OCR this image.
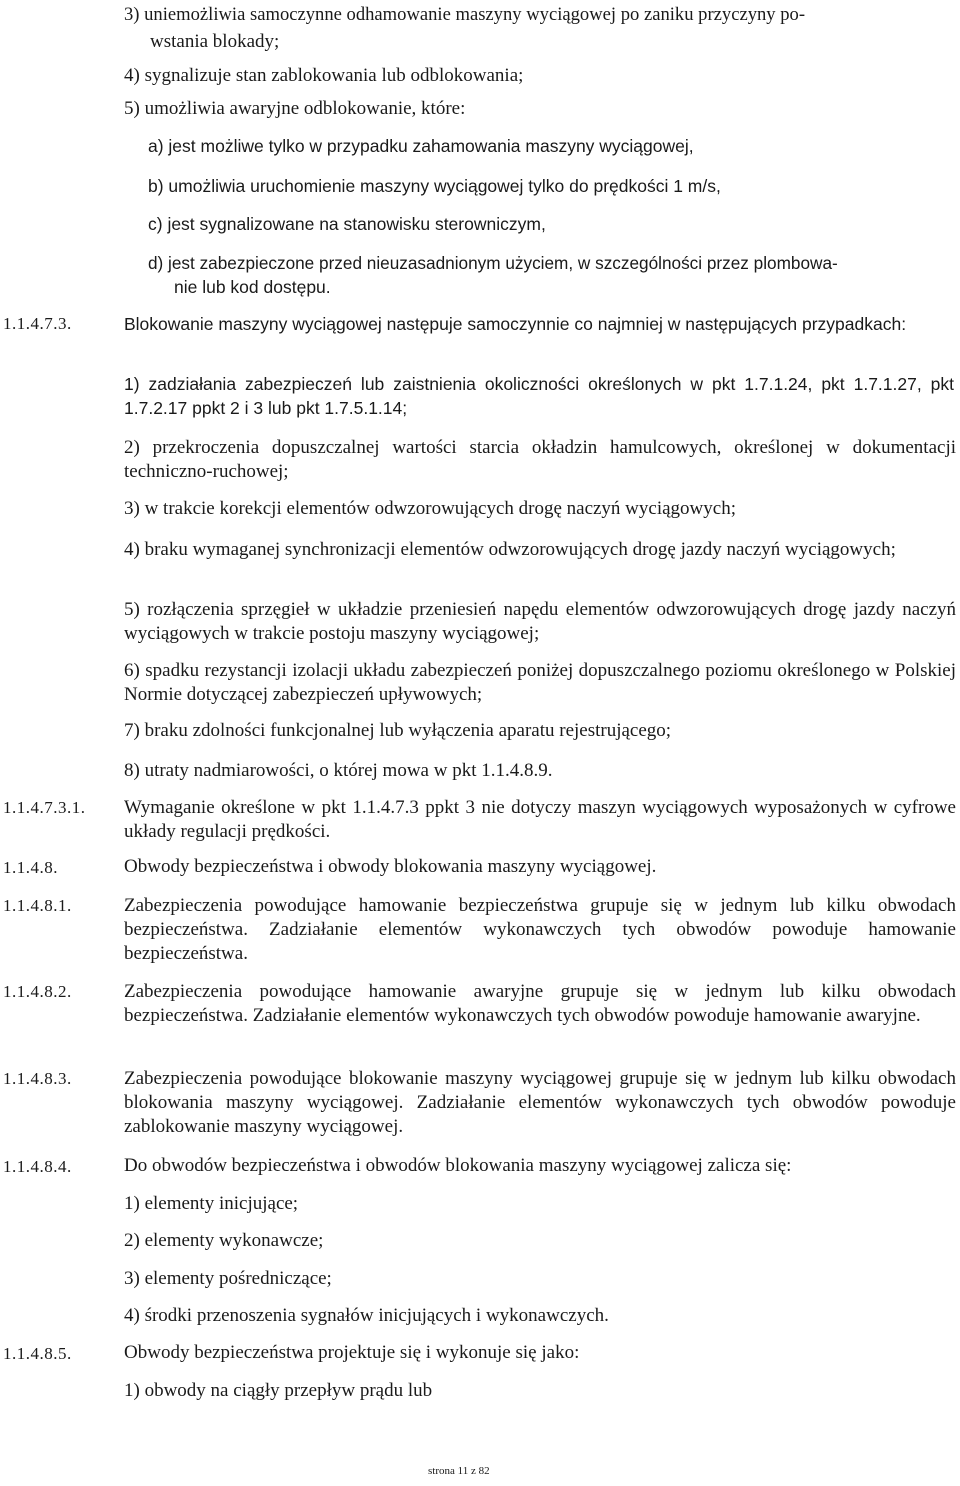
3) uniemożliwia samoczynne odhamowanie maszyny wyciągowej po zaniku przyczyny po-
wstania blokady;
4) sygnalizuje stan zablokowania lub odblokowania;
5) umożliwia awaryjne odblokowanie, które:
a) jest możliwe tylko w przypadku zahamowania maszyny wyciągowej,
b) umożliwia uruchomienie maszyny wyciągowej tylko do prędkości 1 m/s,
c) jest sygnalizowane na stanowisku sterowniczym,
d) jest zabezpieczone przed nieuzasadnionym użyciem, w szczególności przez plombowa-
nie lub kod dostępu.
1.1.4.7.3.	Blokowanie maszyny wyciągowej następuje samoczynnie co najmniej w następujących przypadkach:
1) zadziałania zabezpieczeń lub zaistnienia okoliczności określonych w pkt 1.7.1.24, pkt 1.7.1.27, pkt 1.7.2.17 ppkt 2 i 3 lub pkt 1.7.5.1.14;
2) przekroczenia dopuszczalnej wartości starcia okładzin hamulcowych, określonej w dokumentacji techniczno-ruchowej;
3) w trakcie korekcji elementów odwzorowujących drogę naczyń wyciągowych;
4) braku wymaganej synchronizacji elementów odwzorowujących drogę jazdy naczyń wyciągowych;
5) rozłączenia sprzęgieł w układzie przeniesień napędu elementów odwzorowujących drogę jazdy naczyń wyciągowych w trakcie postoju maszyny wyciągowej;
6) spadku rezystancji izolacji układu zabezpieczeń poniżej dopuszczalnego poziomu określonego w Polskiej Normie dotyczącej zabezpieczeń upływowych;
7) braku zdolności funkcjonalnej lub wyłączenia aparatu rejestrującego;
8) utraty nadmiarowości, o której mowa w pkt 1.1.4.8.9.
1.1.4.7.3.1. Wymaganie określone w pkt 1.1.4.7.3 ppkt 3 nie dotyczy maszyn wyciągowych wyposażonych w cyfrowe układy regulacji prędkości.
1.1.4.8.	Obwody bezpieczeństwa i obwody blokowania maszyny wyciągowej.
1.1.4.8.1.	Zabezpieczenia powodujące hamowanie bezpieczeństwa grupuje się w jednym lub kilku obwodach bezpieczeństwa. Zadziałanie elementów wykonawczych tych obwodów powoduje hamowanie bezpieczeństwa.
1.1.4.8.2.	Zabezpieczenia powodujące hamowanie awaryjne grupuje się w jednym lub kilku obwodach bezpieczeństwa. Zadziałanie elementów wykonawczych tych obwodów powoduje hamowanie awaryjne.
1.1.4.8.3.	Zabezpieczenia powodujące blokowanie maszyny wyciągowej grupuje się w jednym lub kilku obwodach blokowania maszyny wyciągowej. Zadziałanie elementów wykonawczych tych obwodów powoduje zablokowanie maszyny wyciągowej.
1.1.4.8.4.	Do obwodów bezpieczeństwa i obwodów blokowania maszyny wyciągowej zalicza się:
1) elementy inicjujące;
2) elementy wykonawcze;
3) elementy pośredniczące;
4) środki przenoszenia sygnałów inicjujących i wykonawczych.
1.1.4.8.5.	Obwody bezpieczeństwa projektuje się i wykonuje się jako:
1) obwody na ciągły przepływ prądu lub
strona 11 z 82
